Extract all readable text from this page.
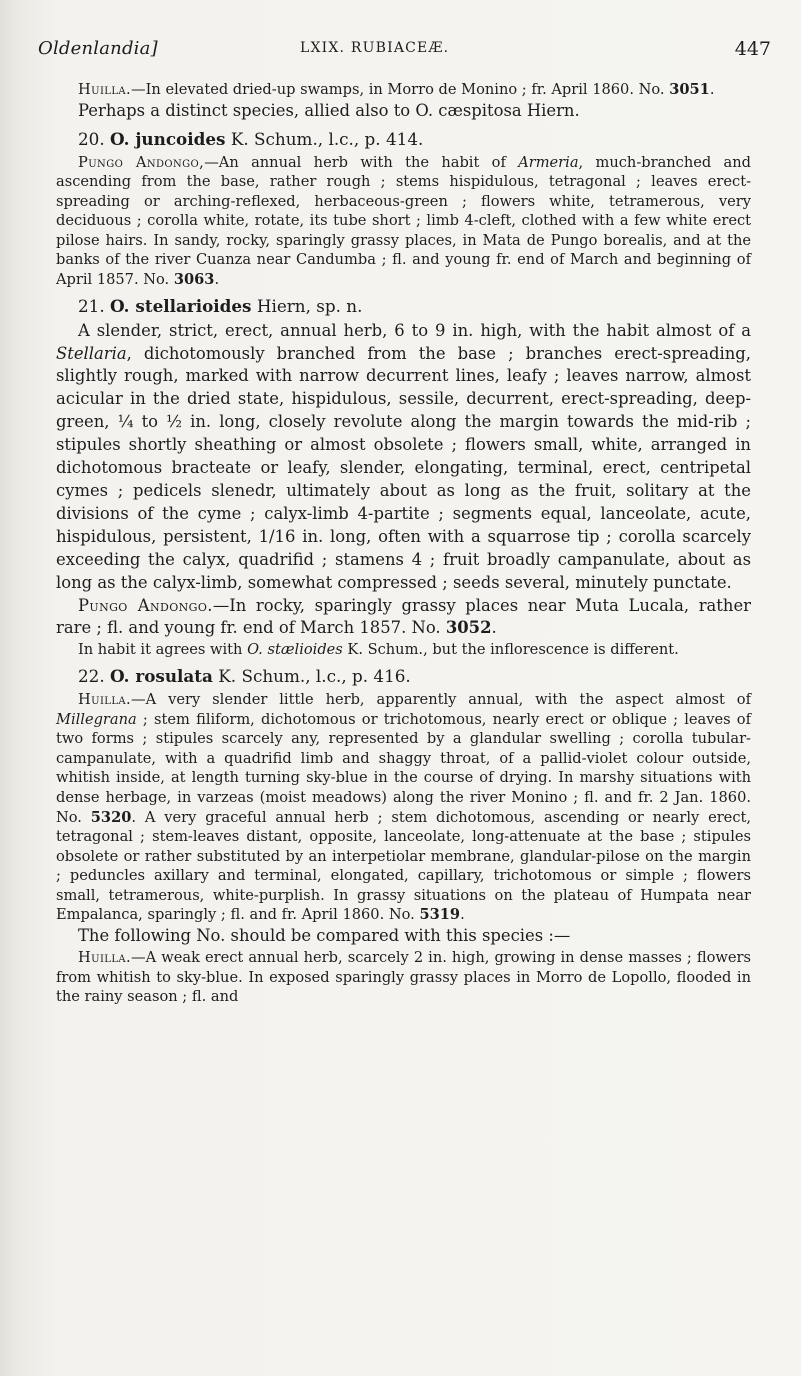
Oldenlandia]	LXIX. RUBIACEÆ.	447

Huilla.—In elevated dried-up swamps, in Morro de Monino ; fr. April 1860. No. 3051.

Perhaps a distinct species, allied also to O. cæspitosa Hiern.

20. O. juncoides K. Schum., l.c., p. 414.

Pungo Andongo,—An annual herb with the habit of Armeria, much-branched and ascending from the base, rather rough ; stems hispidulous, tetragonal ; leaves erect-spreading or arching-reflexed, herbaceous-green ; flowers white, tetramerous, very deciduous ; corolla white, rotate, its tube short ; limb 4-cleft, clothed with a few white erect pilose hairs. In sandy, rocky, sparingly grassy places, in Mata de Pungo borealis, and at the banks of the river Cuanza near Candumba ; fl. and young fr. end of March and beginning of April 1857. No. 3063.

21. O. stellarioides Hiern, sp. n.

A slender, strict, erect, annual herb, 6 to 9 in. high, with the habit almost of a Stellaria, dichotomously branched from the base ; branches erect-spreading, slightly rough, marked with narrow decurrent lines, leafy ; leaves narrow, almost acicular in the dried state, hispidulous, sessile, decurrent, erect-spreading, deep-green, ¼ to ½ in. long, closely revolute along the margin towards the mid-rib ; stipules shortly sheathing or almost obsolete ; flowers small, white, arranged in dichotomous bracteate or leafy, slender, elongating, terminal, erect, centripetal cymes ; pedicels slenedr, ultimately about as long as the fruit, solitary at the divisions of the cyme ; calyx-limb 4-partite ; segments equal, lanceolate, acute, hispidulous, persistent, 1/16 in. long, often with a squarrose tip ; corolla scarcely exceeding the calyx, quadrifid ; stamens 4 ; fruit broadly campanulate, about as long as the calyx-limb, somewhat compressed ; seeds several, minutely punctate.

Pungo Andongo.—In rocky, sparingly grassy places near Muta Lucala, rather rare ; fl. and young fr. end of March 1857. No. 3052.

In habit it agrees with O. stælioides K. Schum., but the inflorescence is different.

22. O. rosulata K. Schum., l.c., p. 416.

Huilla.—A very slender little herb, apparently annual, with the aspect almost of Millegrana ; stem filiform, dichotomous or trichotomous, nearly erect or oblique ; leaves of two forms ; stipules scarcely any, represented by a glandular swelling ; corolla tubular-campanulate, with a quadrifid limb and shaggy throat, of a pallid-violet colour outside, whitish inside, at length turning sky-blue in the course of drying. In marshy situations with dense herbage, in varzeas (moist meadows) along the river Monino ; fl. and fr. 2 Jan. 1860. No. 5320. A very graceful annual herb ; stem dichotomous, ascending or nearly erect, tetragonal ; stem-leaves distant, opposite, lanceolate, long-attenuate at the base ; stipules obsolete or rather substituted by an interpetiolar membrane, glandular-pilose on the margin ; peduncles axillary and terminal, elongated, capillary, trichotomous or simple ; flowers small, tetramerous, white-purplish. In grassy situations on the plateau of Humpata near Empalanca, sparingly ; fl. and fr. April 1860. No. 5319.

The following No. should be compared with this species :—

Huilla.—A weak erect annual herb, scarcely 2 in. high, growing in dense masses ; flowers from whitish to sky-blue. In exposed sparingly grassy places in Morro de Lopollo, flooded in the rainy season ; fl. and
